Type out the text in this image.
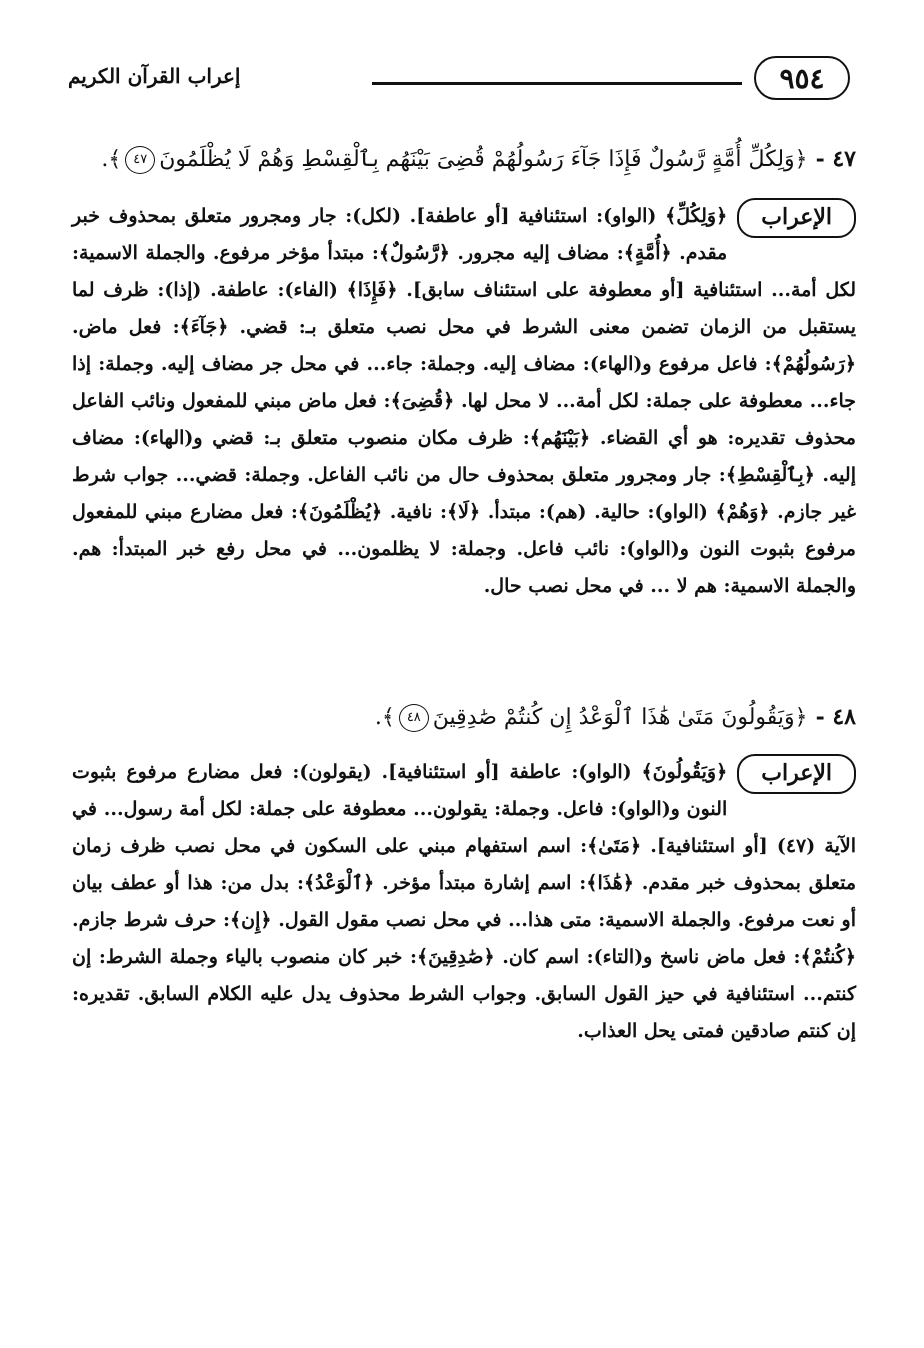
٩٥٤
إعراب القرآن الكريم
٤٧ -﴿وَلِكُلِّ أُمَّةٍ رَّسُولٌ فَإِذَا جَآءَ رَسُولُهُمْ قُضِىَ بَيْنَهُم بِٱلْقِسْطِ وَهُمْ لَا يُظْلَمُونَ٤٧﴾.
الإعراب
﴿وَلِكُلِّ﴾ (الواو): استئنافية [أو عاطفة]. (لكل): جار ومجرور متعلق بمحذوف خبر مقدم. ﴿أُمَّةٍ﴾: مضاف إليه مجرور. ﴿رَّسُولٌ﴾: مبتدأ مؤخر مرفوع. والجملة الاسمية: لكل أمة... استئنافية [أو معطوفة على استئناف سابق]. ﴿فَإِذَا﴾ (الفاء): عاطفة. (إذا): ظرف لما يستقبل من الزمان تضمن معنى الشرط في محل نصب متعلق بـ: قضي. ﴿جَآءَ﴾: فعل ماض. ﴿رَسُولُهُمْ﴾: فاعل مرفوع و(الهاء): مضاف إليه. وجملة: جاء... في محل جر مضاف إليه. وجملة: إذا جاء... معطوفة على جملة: لكل أمة... لا محل لها. ﴿قُضِىَ﴾: فعل ماض مبني للمفعول ونائب الفاعل محذوف تقديره: هو أي القضاء. ﴿بَيْنَهُم﴾: ظرف مكان منصوب متعلق بـ: قضي و(الهاء): مضاف إليه. ﴿بِٱلْقِسْطِ﴾: جار ومجرور متعلق بمحذوف حال من نائب الفاعل. وجملة: قضي... جواب شرط غير جازم. ﴿وَهُمْ﴾ (الواو): حالية. (هم): مبتدأ. ﴿لَا﴾: نافية. ﴿يُظْلَمُونَ﴾: فعل مضارع مبني للمفعول مرفوع بثبوت النون و(الواو): نائب فاعل. وجملة: لا يظلمون... في محل رفع خبر المبتدأ: هم. والجملة الاسمية: هم لا ... في محل نصب حال.
٤٨ -﴿وَيَقُولُونَ مَتَىٰ هَٰذَا ٱلْوَعْدُ إِن كُنتُمْ صَٰدِقِينَ٤٨﴾.
الإعراب
﴿وَيَقُولُونَ﴾ (الواو): عاطفة [أو استئنافية]. (يقولون): فعل مضارع مرفوع بثبوت النون و(الواو): فاعل. وجملة: يقولون... معطوفة على جملة: لكل أمة رسول... في الآية (٤٧) [أو استئنافية]. ﴿مَتَىٰ﴾: اسم استفهام مبني على السكون في محل نصب ظرف زمان متعلق بمحذوف خبر مقدم. ﴿هَٰذَا﴾: اسم إشارة مبتدأ مؤخر. ﴿ٱلْوَعْدُ﴾: بدل من: هذا أو عطف بيان أو نعت مرفوع. والجملة الاسمية: متى هذا... في محل نصب مقول القول. ﴿إِن﴾: حرف شرط جازم. ﴿كُنتُمْ﴾: فعل ماض ناسخ و(التاء): اسم كان. ﴿صَٰدِقِينَ﴾: خبر كان منصوب بالياء وجملة الشرط: إن كنتم... استئنافية في حيز القول السابق. وجواب الشرط محذوف يدل عليه الكلام السابق. تقديره: إن كنتم صادقين فمتى يحل العذاب.
